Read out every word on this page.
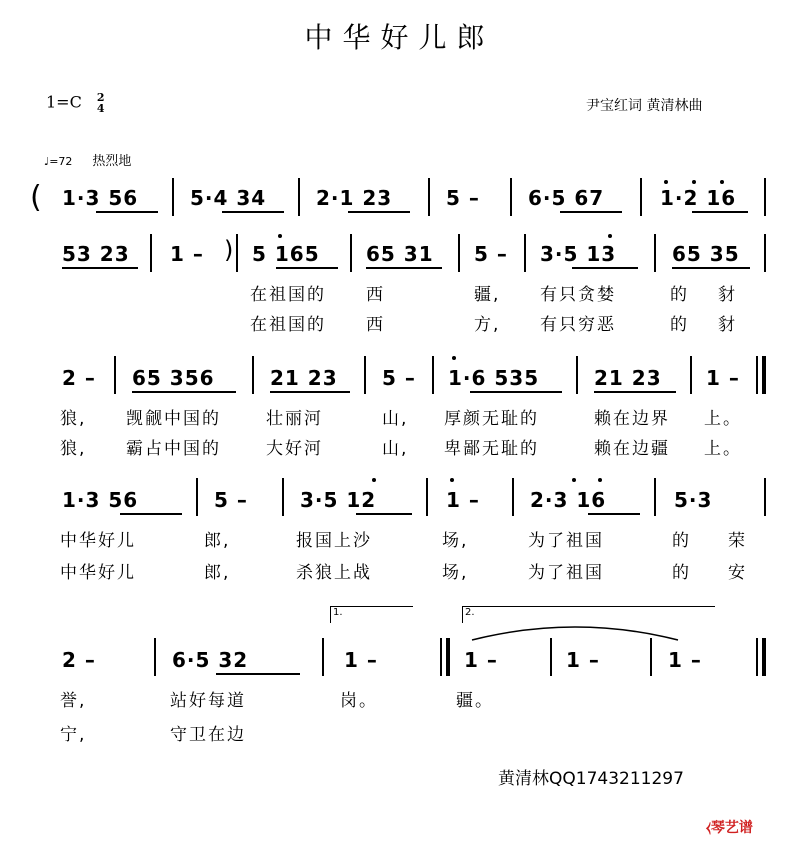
中华好儿郎
1=C 2
4	尹宝红词 黄清林曲
♩=72 热烈地
( 1·3 56	5·4 34 2·1 23	5 – 6·5 67	1·2 16
53 23 1 – ) 5 165 65 31 5 – 3·5 13	65 35
在祖国的 西	疆, 有只贪婪	的 豺
在祖国的 西	方, 有只穷恶	的 豺
2 – 65 356	21 23 5 – 1·6 535	21 23 1 –
狼, 觊觎中国的	壮丽河	山, 厚颜无耻的	赖在边界 上。
狼, 霸占中国的	大好河	山, 卑鄙无耻的	赖在边疆 上。
1·3 56	5 –	3·5 12	1 –	2·3 16	5·3
中华好儿	郎,	报国上沙	场,	为了祖国	的 荣
中华好儿	郎,	杀狼上战	场,	为了祖国	的 安
1.	2.
2 –	6·5 32	1 –	1 –	1 –	1 –
誉,	站好每道	岗。	疆。
宁,	守卫在边
黄清林QQ1743211297
⧼琴艺谱
